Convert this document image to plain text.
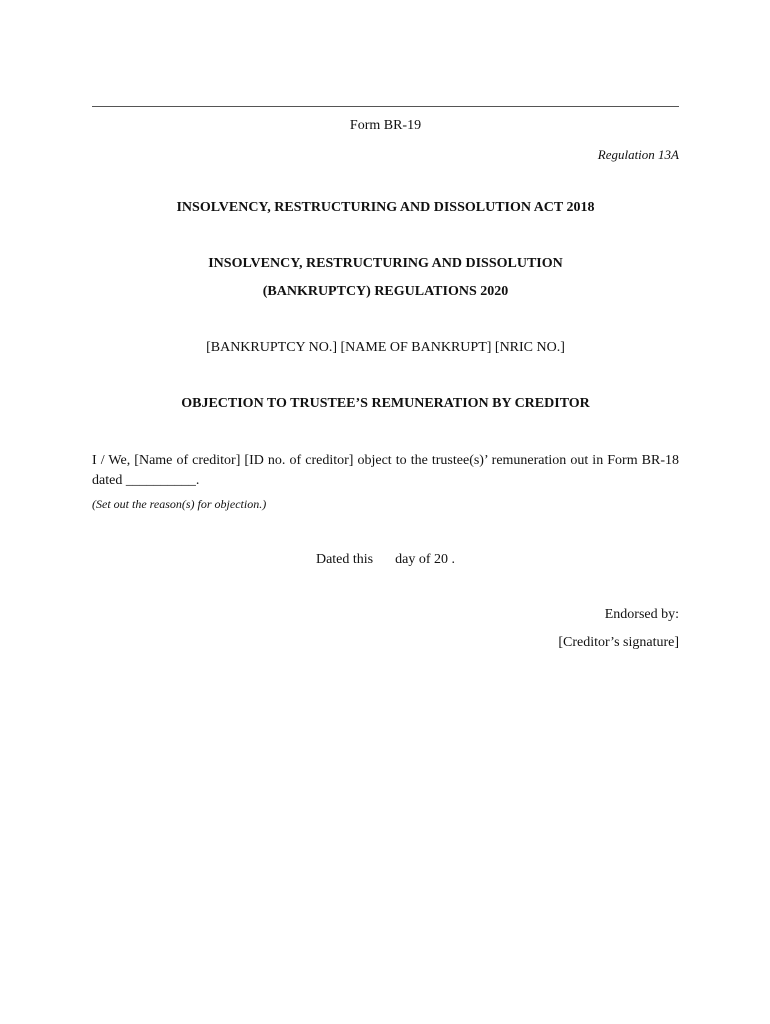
Form BR-19
Regulation 13A
INSOLVENCY, RESTRUCTURING AND DISSOLUTION ACT 2018
INSOLVENCY, RESTRUCTURING AND DISSOLUTION
(BANKRUPTCY) REGULATIONS 2020
[BANKRUPTCY NO.] [NAME OF BANKRUPT] [NRIC NO.]
OBJECTION TO TRUSTEE’S REMUNERATION BY CREDITOR
I / We, [Name of creditor] [ID no. of creditor] object to the trustee(s)’ remuneration out in Form BR-18 dated __________.
(Set out the reason(s) for objection.)
Dated this day of 20 .
Endorsed by:
[Creditor’s signature]
